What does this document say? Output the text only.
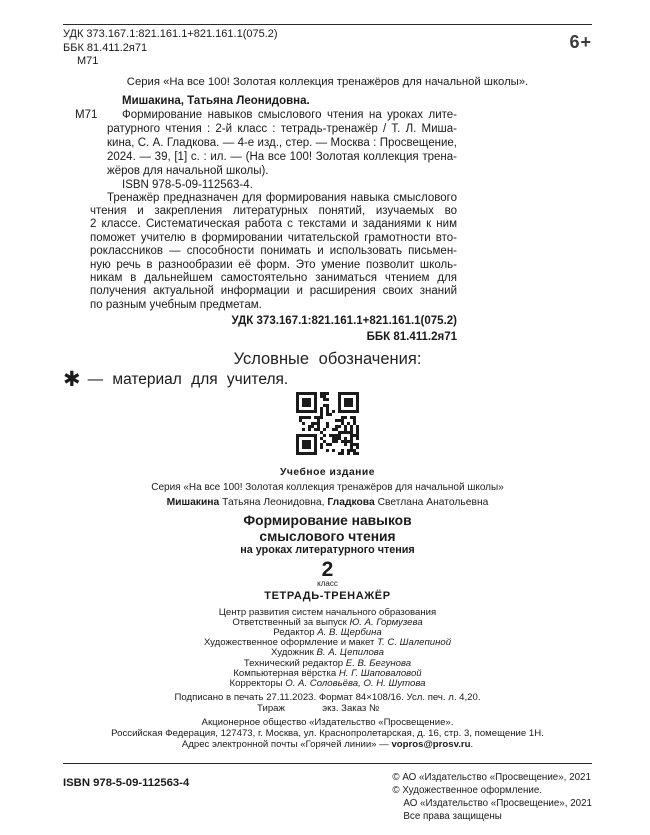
УДК 373.167.1:821.161.1+821.161.1(075.2)
ББК 81.411.2я71
М71
6+
Серия «На все 100! Золотая коллекция тренажёров для начальной школы».
М71
Мишакина, Татьяна Леонидовна.
Формирование навыков смыслового чтения на уроках лите-
ратурного чтения : 2-й класс : тетрадь-тренажёр / Т. Л. Миша-
кина, С. А. Гладкова. — 4-е изд., стер. — Москва : Просвещение,
2024. — 39, [1] с. : ил. — (На все 100! Золотая коллекция трена-
жёров для начальной школы).
ISBN 978-5-09-112563-4.
Тренажёр предназначен для формирования навыка смыслового
чтения и закрепления литературных понятий, изучаемых во
2 классе. Систематическая работа с текстами и заданиями к ним
поможет учителю в формировании читательской грамотности вто-
роклассников — способности понимать и использовать письмен-
ную речь в разнообразии её форм. Это умение позволит школь-
никам в дальнейшем самостоятельно заниматься чтением для
получения актуальной информации и расширения своих знаний
по разным учебным предметам.
УДК 373.167.1:821.161.1+821.161.1(075.2)
ББК 81.411.2я71
Условные обозначения:
✱ — материал для учителя.
Учебное издание
Серия «На все 100! Золотая коллекция тренажёров для начальной школы»
Мишакина Татьяна Леонидовна, Гладкова Светлана Анатольевна
Формирование навыков
смыслового чтения
на уроках литературного чтения
2
класс
ТЕТРАДЬ-ТРЕНАЖЁР
Центр развития систем начального образования
Ответственный за выпуск Ю. А. Гормузева
Редактор А. В. Щербина
Художественное оформление и макет Т. С. Шалепиной
Художник В. А. Цепилова
Технический редактор Е. В. Бегунова
Компьютерная вёрстка Н. Г. Шаповаловой
Корректоры О. А. Соловьёва, О. Н. Шутова
Подписано в печать 27.11.2023. Формат 84×108/16. Усл. печ. л. 4,20.
Тираж              экз. Заказ №
Акционерное общество «Издательство «Просвещение».
Российская Федерация, 127473, г. Москва, ул. Краснопролетарская, д. 16, стр. 3, помещение 1Н.
Адрес электронной почты «Горячей линии» — vopros@prosv.ru.
ISBN 978-5-09-112563-4	© АО «Издательство «Просвещение», 2021
© Художественное оформление.
АО «Издательство «Просвещение», 2021
Все права защищены
